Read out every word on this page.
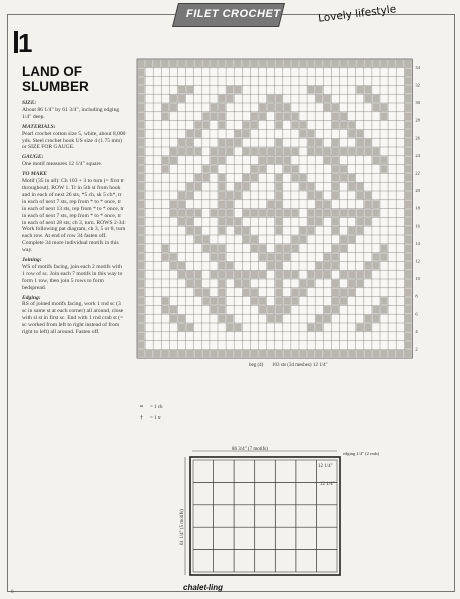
FILET CROCHET	Lovely lifestyle
1
LAND OF SLUMBER

SIZE:
About 86 1/4" by 61 3/4", including edging 1/4" deep.

MATERIALS:
Pearl crochet cotton size 5, white, about 8,000 yds. Steel crochet hook US size 4 (1.75 mm) or SIZE FOR GAUGE.

GAUGE:
One motif measures 12 1/4" square.

TO MAKE
Motif (35 in all): Ch 103 + 3 to turn (= first tr throughout). ROW 1. Tr in 5th st from hook and in each of next 26 sts, *5 ch, sk 5 ch*, tr in each of next 7 sts, rep from * to * once, tr in each of next 13 sts, rep from * to * once, tr in each of next 7 sts, rep from * to * once, tr in each of next 28 sts; ch 3, turn. ROWS 2-34: Work following pat diagram, ch 3, 5 or 8, turn each row. At end of row 34 fasten off. Complete 34 more individual motifs in this way.

Joining:
WS of motifs facing, join each 2 motifs with 1 row of sc. Join each 7 motifs in this way to form 1 row, then join 5 rows to form bedspread.

Edging:
RS of joined motifs facing, work 1 rnd sc (3 sc in same st at each corner) all around, close with sl st in first sc. End with 1 rnd crab st (= sc worked from left to right instead of from right to left) all around. Fasten off.

34
32
30
28
26
24
22
20
18
16
14
12
10
8
6
4
2
beg (4) 103 sts (34 meshes) 12 1/4"
═ = 1 ch
† = 1 tr
86 3/4" (7 motifs)
61 1/4" (5 motifs)
12 1/4"
12 1/4"
edging 1/4" (2 rnds)
chalet-ling
6
